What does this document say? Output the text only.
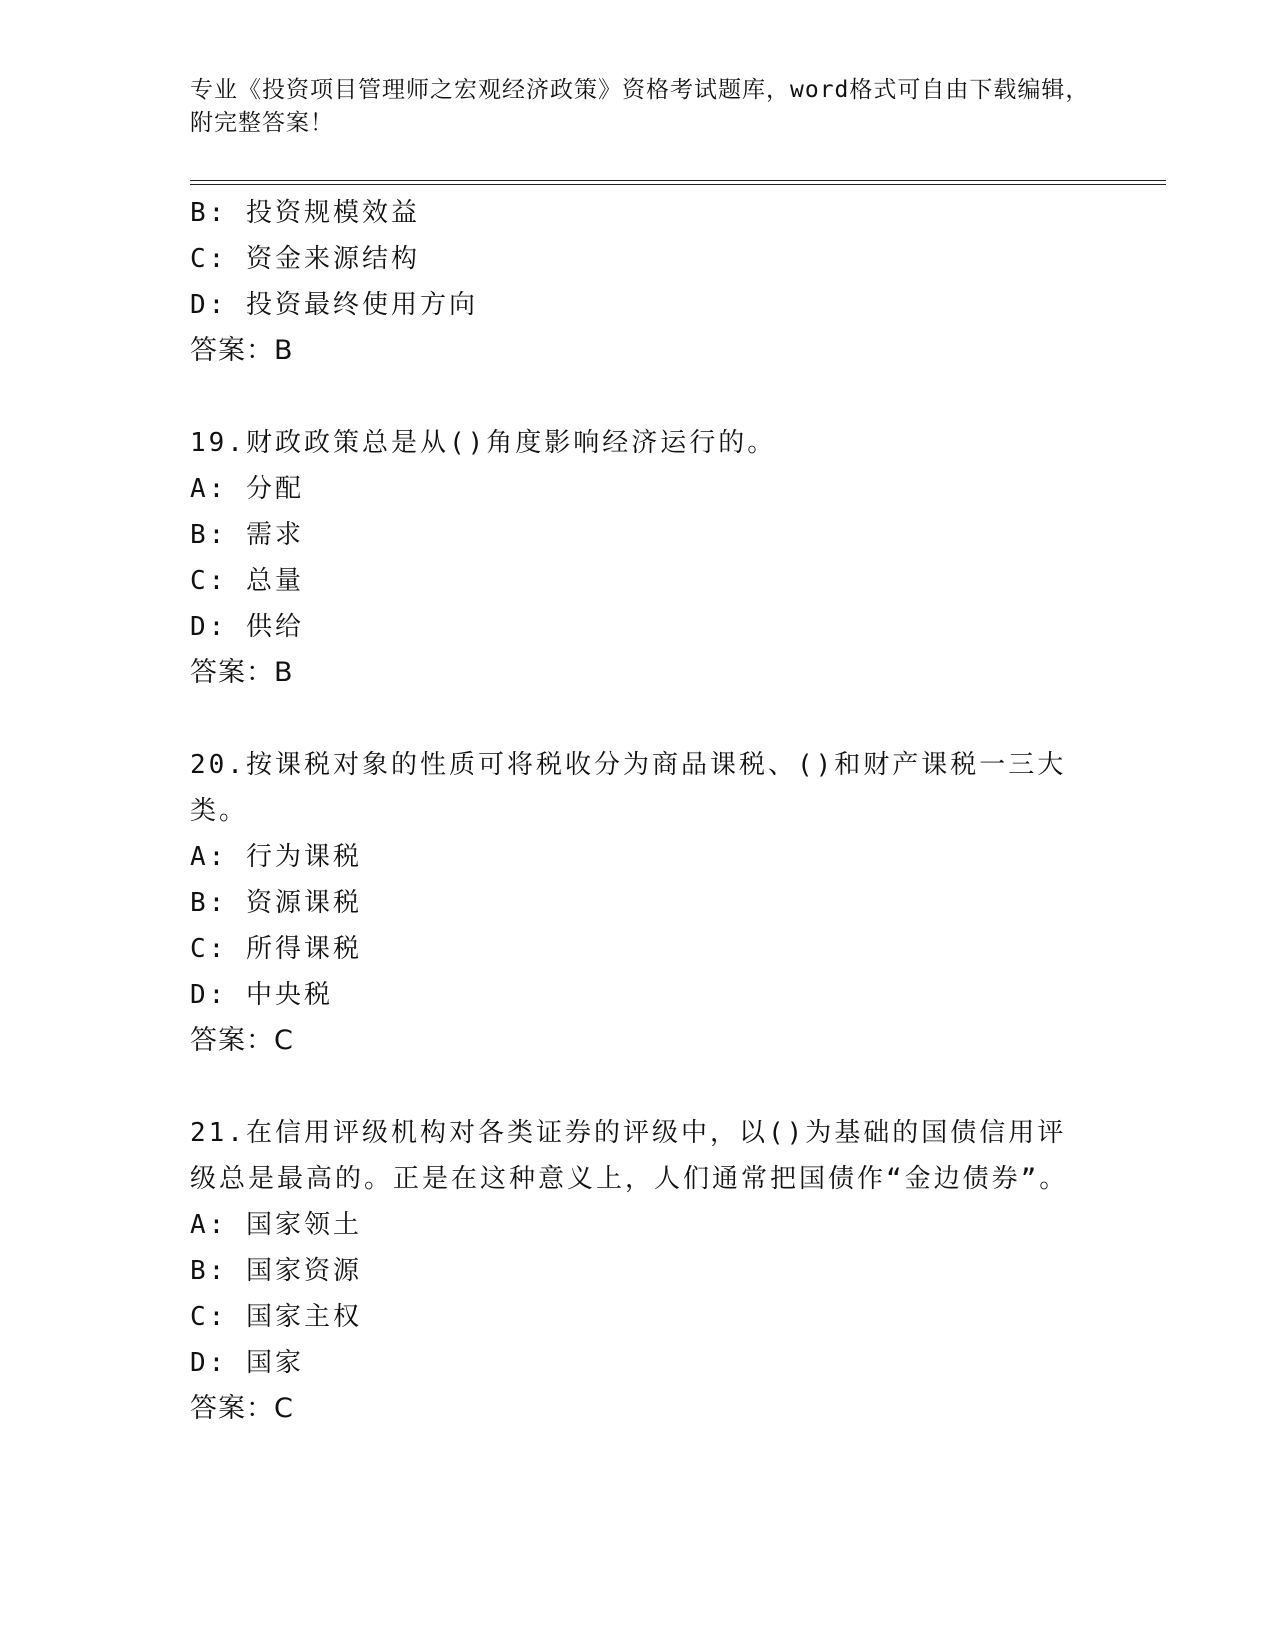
专业《投资项目管理师之宏观经济政策》资格考试题库，word格式可自由下载编辑，附完整答案！
B: 投资规模效益
C: 资金来源结构
D: 投资最终使用方向
答案：B
19.财政政策总是从()角度影响经济运行的。
A: 分配
B: 需求
C: 总量
D: 供给
答案：B
20.按课税对象的性质可将税收分为商品课税、()和财产课税一三大类。
A: 行为课税
B: 资源课税
C: 所得课税
D: 中央税
答案：C
21.在信用评级机构对各类证券的评级中，以()为基础的国债信用评级总是最高的。正是在这种意义上，人们通常把国债作“金边债券”。
A: 国家领土
B: 国家资源
C: 国家主权
D: 国家
答案：C
